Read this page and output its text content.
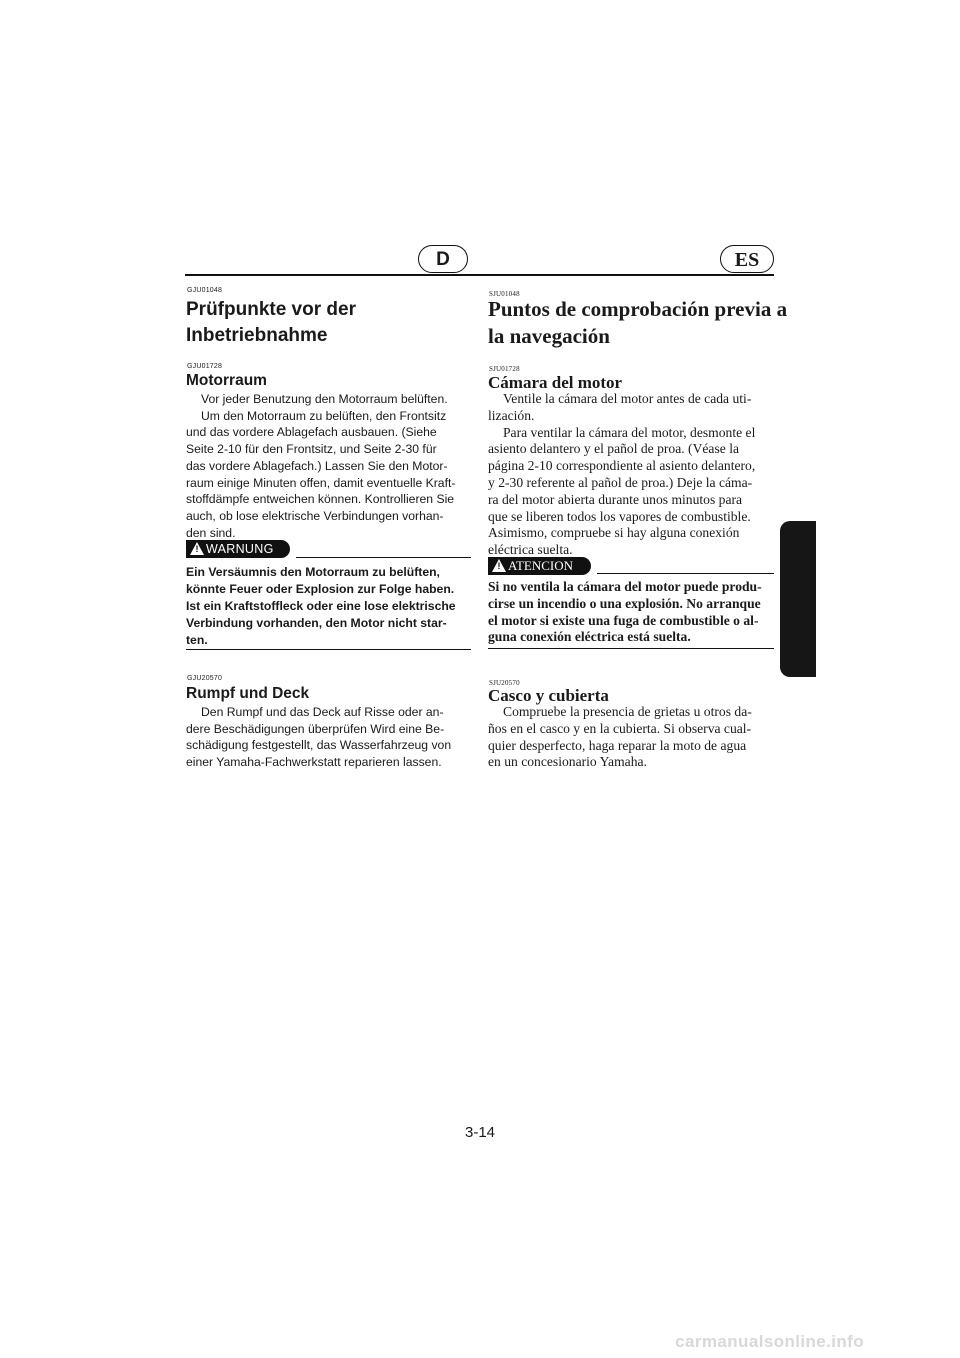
D	ES
GJU01048
Prüfpunkte vor der
Inbetriebnahme
GJU01728
Motorraum
Vor jeder Benutzung den Motorraum belüften.
Um den Motorraum zu belüften, den Frontsitz
und das vordere Ablagefach ausbauen. (Siehe
Seite 2-10 für den Frontsitz, und Seite 2-30 für
das vordere Ablagefach.) Lassen Sie den Motor-
raum einige Minuten offen, damit eventuelle Kraft-
stoffdämpfe entweichen können. Kontrollieren Sie
auch, ob lose elektrische Verbindungen vorhan-
den sind.
! WARNUNG
Ein Versäumnis den Motorraum zu belüften,
könnte Feuer oder Explosion zur Folge haben.
Ist ein Kraftstoffleck oder eine lose elektrische
Verbindung vorhanden, den Motor nicht star-
ten.
GJU20570
Rumpf und Deck
Den Rumpf und das Deck auf Risse oder an-
dere Beschädigungen überprüfen Wird eine Be-
schädigung festgestellt, das Wasserfahrzeug von
einer Yamaha-Fachwerkstatt reparieren lassen.
SJU01048
Puntos de comprobación previa a
la navegación
SJU01728
Cámara del motor
Ventile la cámara del motor antes de cada uti-
lización.
Para ventilar la cámara del motor, desmonte el
asiento delantero y el pañol de proa. (Véase la
página 2-10 correspondiente al asiento delantero,
y 2-30 referente al pañol de proa.) Deje la cáma-
ra del motor abierta durante unos minutos para
que se liberen todos los vapores de combustible.
Asimismo, compruebe si hay alguna conexión
eléctrica suelta.
! ATENCION
Si no ventila la cámara del motor puede produ-
cirse un incendio o una explosión. No arranque
el motor si existe una fuga de combustible o al-
guna conexión eléctrica está suelta.
SJU20570
Casco y cubierta
Compruebe la presencia de grietas u otros da-
ños en el casco y en la cubierta. Si observa cual-
quier desperfecto, haga reparar la moto de agua
en un concesionario Yamaha.
3-14
carmanualsonline.info
